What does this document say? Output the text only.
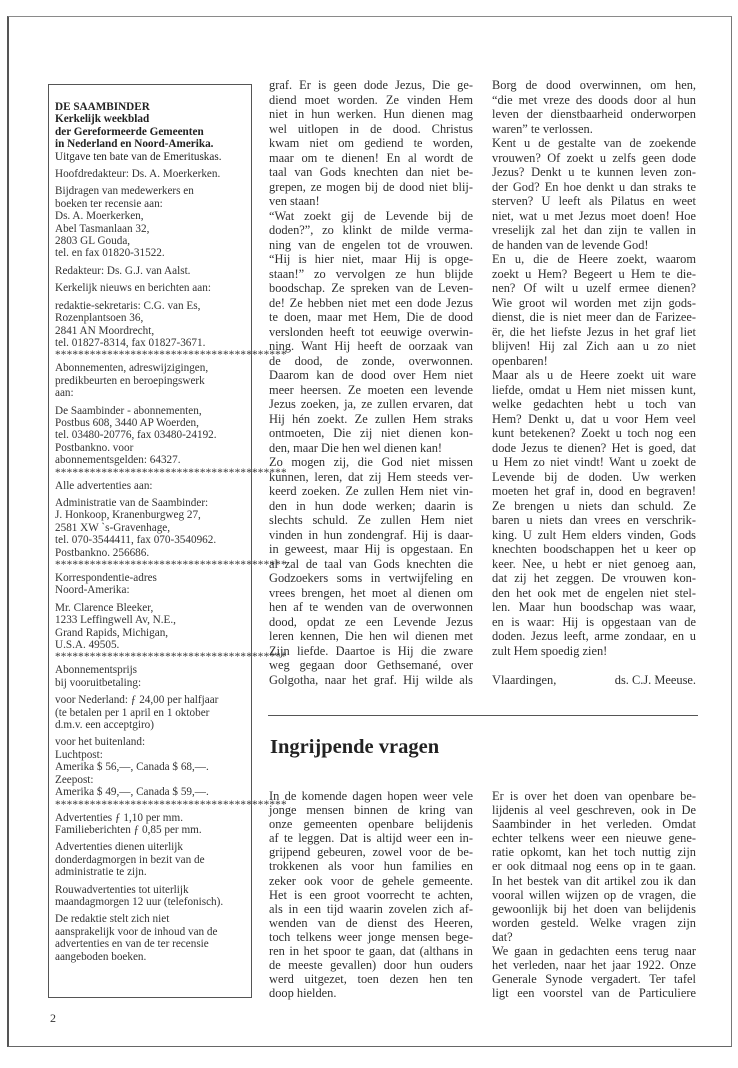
DE SAAMBINDER
Kerkelijk weekblad
der Gereformeerde Gemeenten
in Nederland en Noord-Amerika.
Uitgave ten bate van de Emerituskas.
Hoofdredakteur: Ds. A. Moerkerken.
Bijdragen van medewerkers en
boeken ter recensie aan:
Ds. A. Moerkerken,
Abel Tasmanlaan 32,
2803 GL Gouda,
tel. en fax 01820-31522.
Redakteur: Ds. G.J. van Aalst.
Kerkelijk nieuws en berichten aan:
redaktie-sekretaris: C.G. van Es,
Rozenplantsoen 36,
2841 AN Moordrecht,
tel. 01827-8314, fax 01827-3671.
****************************************
Abonnementen, adreswijzigingen,
predikbeurten en beroepingswerk
aan:
De Saambinder - abonnementen,
Postbus 608, 3440 AP Woerden,
tel. 03480-20776, fax 03480-24192.
Postbankno. voor
abonnementsgelden: 64327.
****************************************
Alle advertenties aan:
Administratie van de Saambinder:
J. Honkoop, Kranenburgweg 27,
2581 XW `s-Gravenhage,
tel. 070-3544411, fax 070-3540962.
Postbankno. 256686.
****************************************
Korrespondentie-adres
Noord-Amerika:
Mr. Clarence Bleeker,
1233 Leffingwell Av, N.E.,
Grand Rapids, Michigan,
U.S.A. 49505.
****************************************
Abonnementsprijs
bij vooruitbetaling:
voor Nederland: ƒ 24,00 per halfjaar
(te betalen per 1 april en 1 oktober
d.m.v. een acceptgiro)
voor het buitenland:
Luchtpost:
Amerika $ 56,—, Canada $ 68,—.
Zeepost:
Amerika $ 49,—, Canada $ 59,—.
****************************************
Advertenties ƒ 1,10 per mm.
Familieberichten ƒ 0,85 per mm.
Advertenties dienen uiterlijk
donderdagmorgen in bezit van de
administratie te zijn.
Rouwadvertenties tot uiterlijk
maandagmorgen 12 uur (telefonisch).
De redaktie stelt zich niet
aansprakelijk voor de inhoud van de
advertenties en van de ter recensie
aangeboden boeken.
graf. Er is geen dode Jezus, Die ge-
diend moet worden. Ze vinden Hem
niet in hun werken. Hun dienen mag
wel uitlopen in de dood. Christus
kwam niet om gediend te worden,
maar om te dienen! En al wordt de
taal van Gods knechten dan niet be-
grepen, ze mogen bij de dood niet blij-
ven staan!
“Wat zoekt gij de Levende bij de
doden?”, zo klinkt de milde verma-
ning van de engelen tot de vrouwen.
“Hij is hier niet, maar Hij is opge-
staan!” zo vervolgen ze hun blijde
boodschap. Ze spreken van de Leven-
de! Ze hebben niet met een dode Jezus
te doen, maar met Hem, Die de dood
verslonden heeft tot eeuwige overwin-
ning. Want Hij heeft de oorzaak van
de dood, de zonde, overwonnen.
Daarom kan de dood over Hem niet
meer heersen. Ze moeten een levende
Jezus zoeken, ja, ze zullen ervaren, dat
Hij hén zoekt. Ze zullen Hem straks
ontmoeten, Die zij niet dienen kon-
den, maar Die hen wel dienen kan!
Zo mogen zij, die God niet missen
kunnen, leren, dat zij Hem steeds ver-
keerd zoeken. Ze zullen Hem niet vin-
den in hun dode werken; daarin is
slechts schuld. Ze zullen Hem niet
vinden in hun zondengraf. Hij is daar-
in geweest, maar Hij is opgestaan. En
al zal de taal van Gods knechten die
Godzoekers soms in vertwijfeling en
vrees brengen, het moet al dienen om
hen af te wenden van de overwonnen
dood, opdat ze een Levende Jezus
leren kennen, Die hen wil dienen met
Zijn liefde. Daartoe is Hij die zware
weg gegaan door Gethsemané, over
Golgotha, naar het graf. Hij wilde als
Borg de dood overwinnen, om hen,
“die met vreze des doods door al hun
leven der dienstbaarheid onderworpen
waren” te verlossen.
Kent u de gestalte van de zoekende
vrouwen? Of zoekt u zelfs geen dode
Jezus? Denkt u te kunnen leven zon-
der God? En hoe denkt u dan straks te
sterven? U leeft als Pilatus en weet
niet, wat u met Jezus moet doen! Hoe
vreselijk zal het dan zijn te vallen in
de handen van de levende God!
En u, die de Heere zoekt, waarom
zoekt u Hem? Begeert u Hem te die-
nen? Of wilt u uzelf ermee dienen?
Wie groot wil worden met zijn gods-
dienst, die is niet meer dan de Farizee-
ër, die het liefste Jezus in het graf liet
blijven! Hij zal Zich aan u zo niet
openbaren!
Maar als u de Heere zoekt uit ware
liefde, omdat u Hem niet missen kunt,
welke gedachten hebt u toch van
Hem? Denkt u, dat u voor Hem veel
kunt betekenen? Zoekt u toch nog een
dode Jezus te dienen? Het is goed, dat
u Hem zo niet vindt! Want u zoekt de
Levende bij de doden. Uw werken
moeten het graf in, dood en begraven!
Ze brengen u niets dan schuld. Ze
baren u niets dan vrees en verschrik-
king. U zult Hem elders vinden, Gods
knechten boodschappen het u keer op
keer. Nee, u hebt er niet genoeg aan,
dat zij het zeggen. De vrouwen kon-
den het ook met de engelen niet stel-
len. Maar hun boodschap was waar,
en is waar: Hij is opgestaan van de
doden. Jezus leeft, arme zondaar, en u
zult Hem spoedig zien!
Vlaardingen,	ds. C.J. Meeuse.
Ingrijpende vragen
In de komende dagen hopen weer vele
jonge mensen binnen de kring van
onze gemeenten openbare belijdenis
af te leggen. Dat is altijd weer een in-
grijpend gebeuren, zowel voor de be-
trokkenen als voor hun families en
zeker ook voor de gehele gemeente.
Het is een groot voorrecht te achten,
als in een tijd waarin zovelen zich af-
wenden van de dienst des Heeren,
toch telkens weer jonge mensen bege-
ren in het spoor te gaan, dat (althans in
de meeste gevallen) door hun ouders
werd uitgezet, toen dezen hen ten
doop hielden.
Er is over het doen van openbare be-
lijdenis al veel geschreven, ook in De
Saambinder in het verleden. Omdat
echter telkens weer een nieuwe gene-
ratie opkomt, kan het toch nuttig zijn
er ook ditmaal nog eens op in te gaan.
In het bestek van dit artikel zou ik dan
vooral willen wijzen op de vragen, die
gewoonlijk bij het doen van belijdenis
worden gesteld. Welke vragen zijn
dat?
We gaan in gedachten eens terug naar
het verleden, naar het jaar 1922. Onze
Generale Synode vergadert. Ter tafel
ligt een voorstel van de Particuliere
2
